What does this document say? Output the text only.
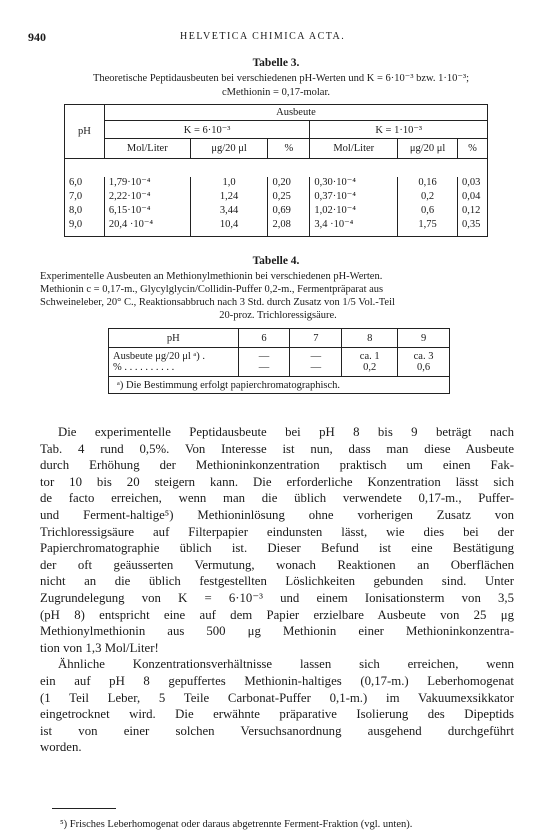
940	HELVETICA CHIMICA ACTA.
Tabelle 3.
Theoretische Peptidausbeuten bei verschiedenen pH-Werten und K = 6·10⁻³ bzw. 1·10⁻³;
cMethionin = 0,17-molar.
pH	Ausbeute					
	K = 6·10⁻³			K = 1·10⁻³		
	Mol/Liter	μg/20 μl	%	Mol/Liter	μg/20 μl	%

6,0	1,79·10⁻⁴	1,0	0,20	0,30·10⁻⁴	0,16	0,03
7,0	2,22·10⁻⁴	1,24	0,25	0,37·10⁻⁴	0,2	0,04
8,0	6,15·10⁻⁴	3,44	0,69	1,02·10⁻⁴	0,6	0,12
9,0	20,4 ·10⁻⁴	10,4	2,08	3,4 ·10⁻⁴	1,75	0,35
Tabelle 4.
Experimentelle Ausbeuten an Methionylmethionin bei verschiedenen pH-Werten.
Methionin c = 0,17-m., Glycylglycin/Collidin-Puffer 0,2-m., Fermentpräparat aus
Schweineleber, 20° C., Reaktionsabbruch nach 3 Std. durch Zusatz von 1/5 Vol.-Teil
20-proz. Trichloressigsäure.
pH	6	7	8	9
Ausbeute μg/20 μl ᵃ) .	—	—	ca. 1	ca. 3
% . . . . . . . . . .	—	—	0,2	0,6
ᵃ) Die Bestimmung erfolgt papierchromatographisch.				
Die experimentelle Peptidausbeute bei pH 8 bis 9 beträgt nach
Tab. 4 rund 0,5%. Von Interesse ist nun, dass man diese Ausbeute
durch Erhöhung der Methioninkonzentration praktisch um einen Fak-
tor 10 bis 20 steigern kann. Die erforderliche Konzentration lässt sich
de facto erreichen, wenn man die üblich verwendete 0,17-m., Puffer-
und Ferment-haltige⁵) Methioninlösung ohne vorherigen Zusatz von
Trichloressigsäure auf Filterpapier eindunsten lässt, wie dies bei der
Papierchromatographie üblich ist. Dieser Befund ist eine Bestätigung
der oft geäusserten Vermutung, wonach Reaktionen an Oberflächen
nicht an die üblich festgestellten Löslichkeiten gebunden sind. Unter
Zugrundelegung von K = 6·10⁻³ und einem Ionisationsterm von 3,5
(pH 8) entspricht eine auf dem Papier erzielbare Ausbeute von 25 μg
Methionylmethionin aus 500 μg Methionin einer Methioninkonzentra-
tion von 1,3 Mol/Liter!
Ähnliche Konzentrationsverhältnisse lassen sich erreichen, wenn
ein auf pH 8 gepuffertes Methionin-haltiges (0,17-m.) Leberhomogenat
(1 Teil Leber, 5 Teile Carbonat-Puffer 0,1-m.) im Vakuumexsikkator
eingetrocknet wird. Die erwähnte präparative Isolierung des Dipeptids
ist von einer solchen Versuchsanordnung ausgehend durchgeführt
worden.
⁵) Frisches Leberhomogenat oder daraus abgetrennte Ferment-Fraktion (vgl. unten).
